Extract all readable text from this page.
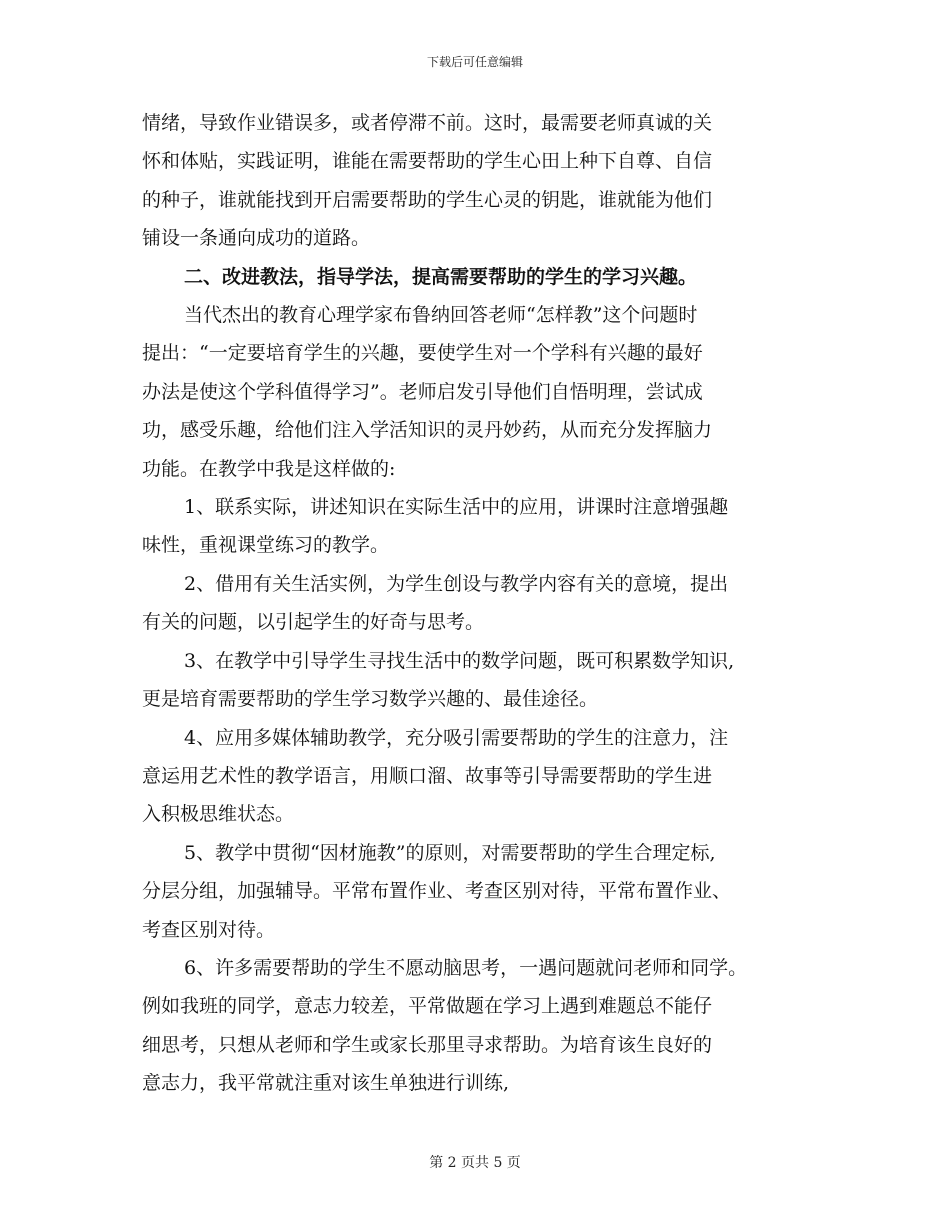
下载后可任意编辑
情绪，导致作业错误多，或者停滞不前。这时，最需要老师真诚的关
怀和体贴，实践证明，谁能在需要帮助的学生心田上种下自尊、自信
的种子，谁就能找到开启需要帮助的学生心灵的钥匙，谁就能为他们
铺设一条通向成功的道路。
二、改进教法，指导学法，提高需要帮助的学生的学习兴趣。
当代杰出的教育心理学家布鲁纳回答老师“怎样教”这个问题时
提出：“一定要培育学生的兴趣，要使学生对一个学科有兴趣的最好
办法是使这个学科值得学习”。老师启发引导他们自悟明理，尝试成
功，感受乐趣，给他们注入学活知识的灵丹妙药，从而充分发挥脑力
功能。在教学中我是这样做的:
1、联系实际，讲述知识在实际生活中的应用，讲课时注意增强趣
味性，重视课堂练习的教学。
2、借用有关生活实例，为学生创设与教学内容有关的意境，提出
有关的问题，以引起学生的好奇与思考。
3、在教学中引导学生寻找生活中的数学问题，既可积累数学知识,
更是培育需要帮助的学生学习数学兴趣的、最佳途径。
4、应用多媒体辅助教学，充分吸引需要帮助的学生的注意力，注
意运用艺术性的教学语言，用顺口溜、故事等引导需要帮助的学生进
入积极思维状态。
5、教学中贯彻“因材施教”的原则，对需要帮助的学生合理定标,
分层分组，加强辅导。平常布置作业、考查区别对待，平常布置作业、
考查区别对待。
6、许多需要帮助的学生不愿动脑思考，一遇问题就问老师和同学。
例如我班的同学，意志力较差，平常做题在学习上遇到难题总不能仔
细思考，只想从老师和学生或家长那里寻求帮助。为培育该生良好的
意志力，我平常就注重对该生单独进行训练,
第 2 页共 5 页
